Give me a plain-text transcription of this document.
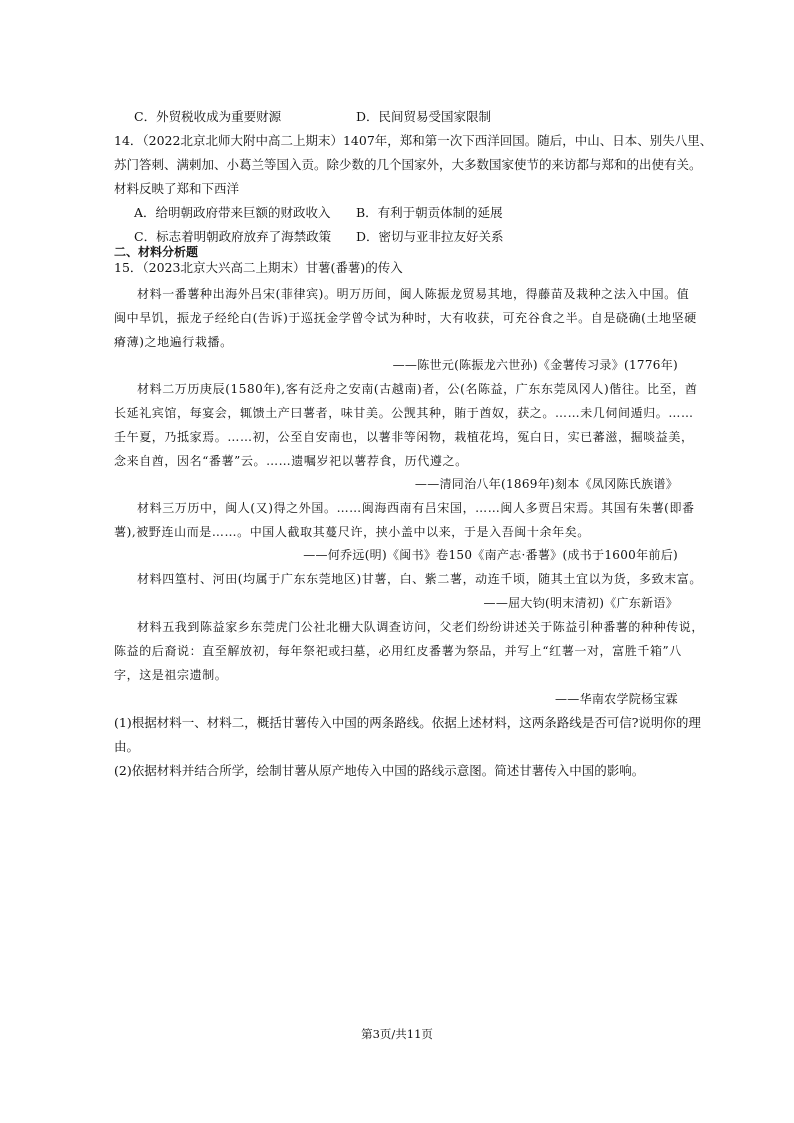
C．外贸税收成为重要财源	D．民间贸易受国家限制
14．（2022北京北师大附中高二上期末）1407年，郑和第一次下西洋回国。随后，中山、日本、别失八里、
苏门答刺、满剌加、小葛兰等国入贡。除少数的几个国家外，大多数国家使节的来访都与郑和的出使有关。
材料反映了郑和下西洋
A．给明朝政府带来巨额的财政收入 B．有利于朝贡体制的延展
C．标志着明朝政府放弃了海禁政策 D．密切与亚非拉友好关系
二、材料分析题
15．（2023北京大兴高二上期末）甘薯(番薯)的传入
材料一番薯种出海外吕宋(菲律宾)。明万历间，闽人陈振龙贸易其地，得藤苗及栽种之法入中国。值
闽中旱饥，振龙子经纶白(告诉)于巡抚金学曾令试为种时，大有收获，可充谷食之半。自是硗确(土地坚硬
瘠薄)之地遍行栽播。
——陈世元(陈振龙六世孙)《金薯传习录》(1776年)
材料二万历庚辰(1580年),客有泛舟之安南(古越南)者，公(名陈益，广东东莞凤冈人)偕往。比至，酋
长延礼宾馆，每宴会，辄馈土产曰薯者，味甘美。公觊其种，賄于酋奴，获之。……未几伺间遁归。……
壬午夏，乃抵家焉。……初，公至自安南也，以薯非等闲物，栽植花坞，冤白日，实已蕃滋，掘啖益美，
念来自酋，因名“番薯”云。……遗嘱岁祀以薯荐食，历代遵之。
——清同治八年(1869年)刻本《凤冈陈氏族谱》
材料三万历中，闽人(又)得之外国。……闽海西南有吕宋国，……闽人多贾吕宋焉。其国有朱薯(即番
薯),被野连山而是……。中国人截取其蔓尺许，挟小盖中以来，于是入吾闽十余年矣。
——何乔远(明)《闽书》卷150《南产志·番薯》(成书于1600年前后)
材料四篁村、河田(均属于广东东莞地区)甘薯，白、紫二薯，动连千顷，随其土宜以为货，多致末富。
——屈大钧(明末清初)《广东新语》
材料五我到陈益家乡东莞虎门公社北栅大队调查访问，父老们纷纷讲述关于陈益引种番薯的种种传说，
陈益的后裔说：直至解放初，每年祭祀或扫墓，必用红皮番薯为祭品，并写上“红薯一对，富胜千箱”八
字，这是祖宗遗制。
——华南农学院杨宝霖
(1)根据材料一、材料二，概括甘薯传入中国的两条路线。依据上述材料，这两条路线是否可信?说明你的理
由。
(2)依据材料并结合所学，绘制甘薯从原产地传入中国的路线示意图。简述甘薯传入中国的影响。
第3页/共11页
